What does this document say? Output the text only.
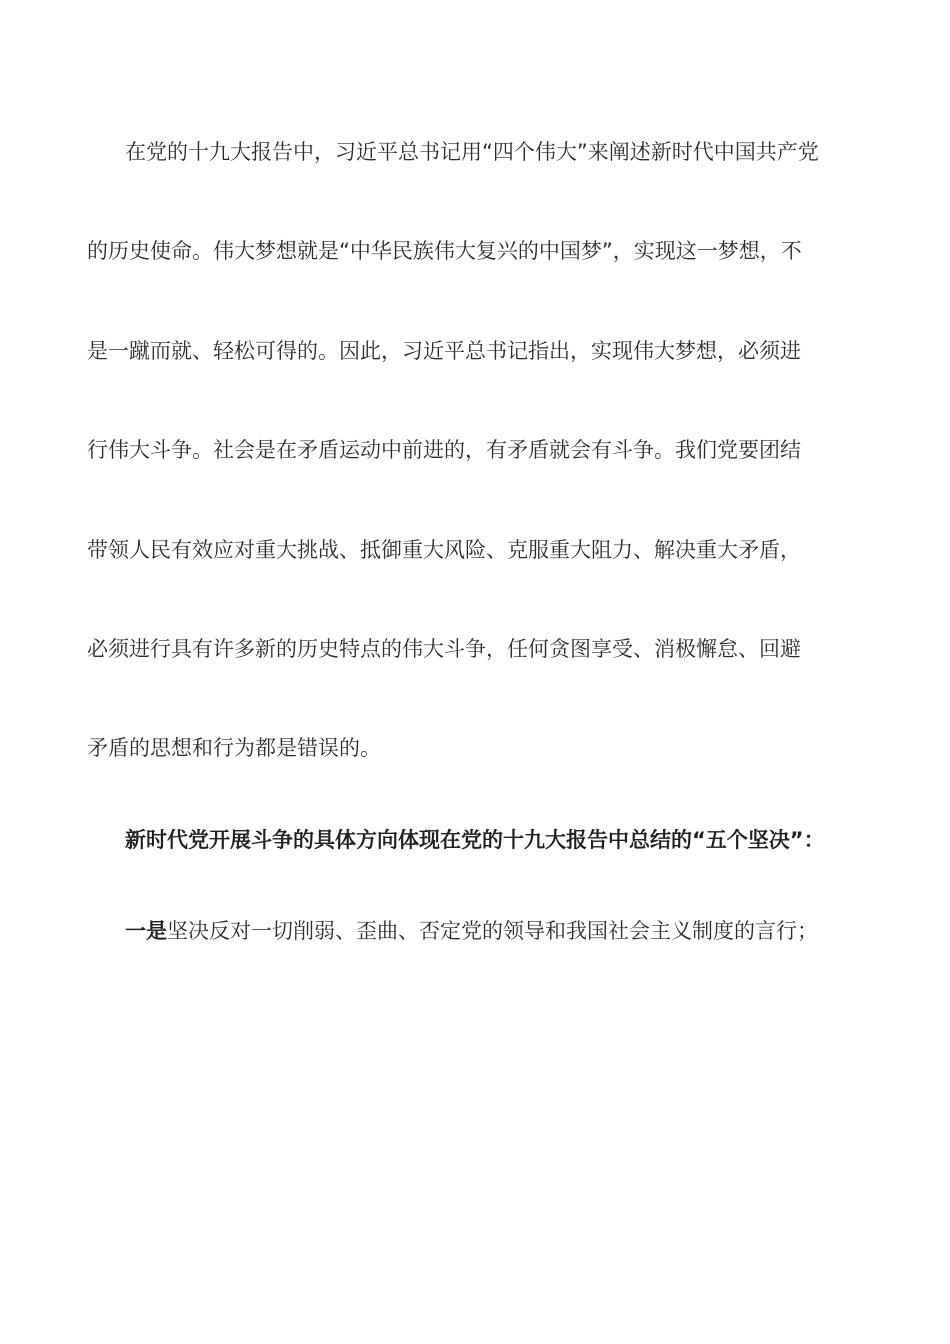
在党的十九大报告中，习近平总书记用“四个伟大”来阐述新时代中国共产党
的历史使命。伟大梦想就是“中华民族伟大复兴的中国梦”，实现这一梦想，不
是一蹴而就、轻松可得的。因此，习近平总书记指出，实现伟大梦想，必须进
行伟大斗争。社会是在矛盾运动中前进的，有矛盾就会有斗争。我们党要团结
带领人民有效应对重大挑战、抵御重大风险、克服重大阻力、解决重大矛盾，
必须进行具有许多新的历史特点的伟大斗争，任何贪图享受、消极懈怠、回避
矛盾的思想和行为都是错误的。
新时代党开展斗争的具体方向体现在党的十九大报告中总结的“五个坚决”：
一是坚决反对一切削弱、歪曲、否定党的领导和我国社会主义制度的言行；
